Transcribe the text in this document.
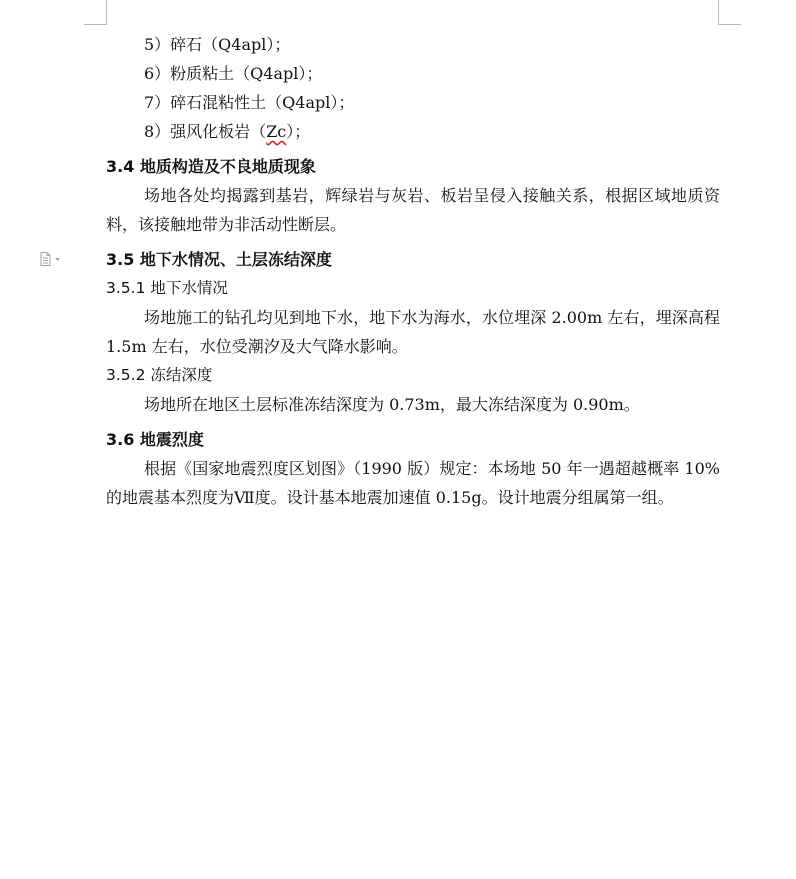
5）碎石（Q4apl）；
6）粉质粘土（Q4apl）；
7）碎石混粘性土（Q4apl）；
8）强风化板岩（Zc）；
3.4 地质构造及不良地质现象
场地各处均揭露到基岩，辉绿岩与灰岩、板岩呈侵入接触关系，根据区域地质资料，该接触地带为非活动性断层。
3.5 地下水情况、土层冻结深度
3.5.1 地下水情况
场地施工的钻孔均见到地下水，地下水为海水，水位埋深 2.00m 左右，埋深高程 1.5m 左右，水位受潮汐及大气降水影响。
3.5.2 冻结深度
场地所在地区土层标准冻结深度为 0.73m，最大冻结深度为 0.90m。
3.6 地震烈度
根据《国家地震烈度区划图》（1990 版）规定：本场地 50 年一遇超越概率 10%的地震基本烈度为Ⅶ度。设计基本地震加速值 0.15g。设计地震分组属第一组。
